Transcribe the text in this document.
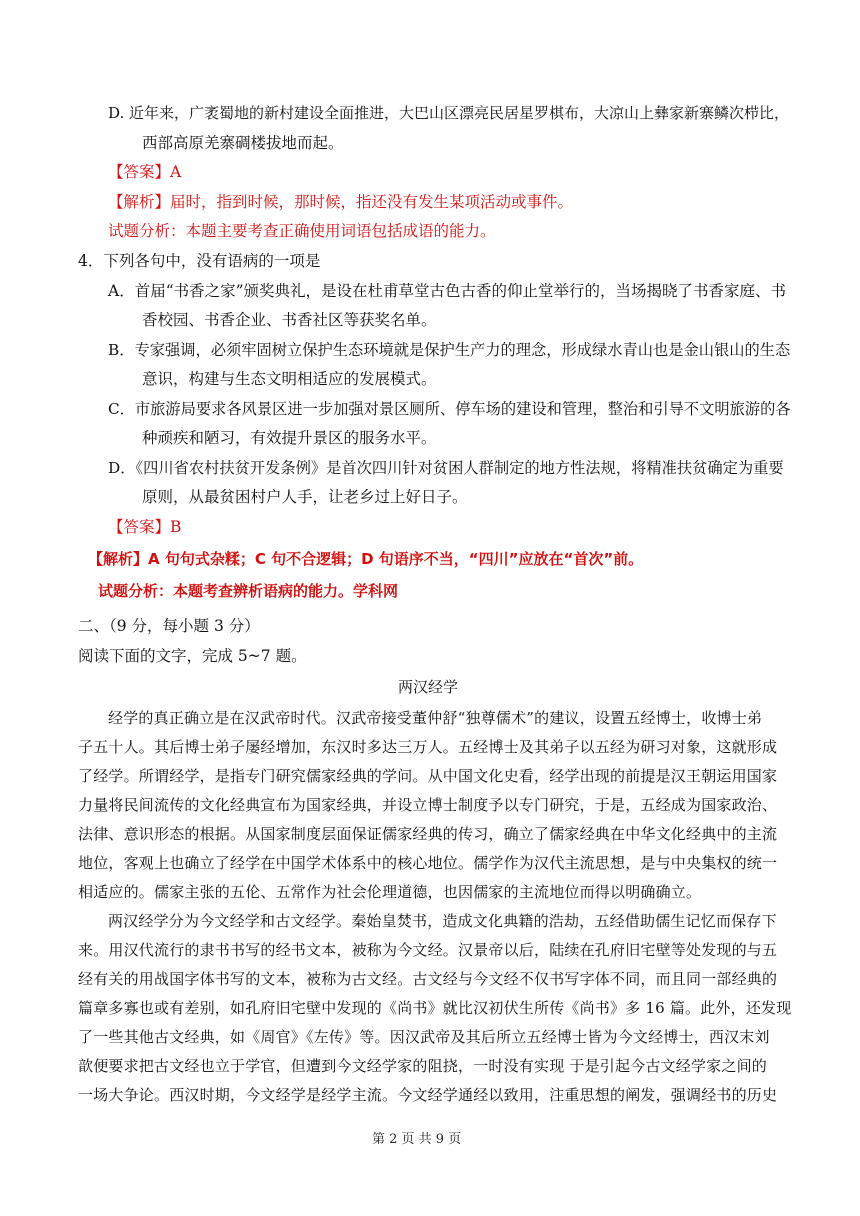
D. 近年来，广袤蜀地的新村建设全面推进，大巴山区漂亮民居星罗棋布，大凉山上彝家新寨鳞次栉比，
西部高原羌寨碉楼拔地而起。
【答案】A
【解析】届时，指到时候，那时候，指还没有发生某项活动或事件。
试题分析：本题主要考查正确使用词语包括成语的能力。
4．下列各句中，没有语病的一项是
A．首届“书香之家”颁奖典礼，是设在杜甫草堂古色古香的仰止堂举行的，当场揭晓了书香家庭、书
香校园、书香企业、书香社区等获奖名单。
B．专家强调，必须牢固树立保护生态环境就是保护生产力的理念，形成绿水青山也是金山银山的生态
意识，构建与生态文明相适应的发展模式。
C．市旅游局要求各风景区进一步加强对景区厕所、停车场的建设和管理，整治和引导不文明旅游的各
种顽疾和陋习，有效提升景区的服务水平。
D．《四川省农村扶贫开发条例》是首次四川针对贫困人群制定的地方性法规，将精准扶贫确定为重要
原则，从最贫困村户人手，让老乡过上好日子。
【答案】B
【解析】A 句句式杂糅；C 句不合逻辑；D 句语序不当，“四川”应放在“首次”前。
试题分析：本题考查辨析语病的能力。学科网
二、（9 分，每小题 3 分）
阅读下面的文字，完成 5~7 题。
两汉经学
经学的真正确立是在汉武帝时代。汉武帝接受董仲舒“独尊儒术”的建议，设置五经博士，收博士弟
子五十人。其后博士弟子屡经增加，东汉时多达三万人。五经博士及其弟子以五经为研习对象，这就形成
了经学。所谓经学，是指专门研究儒家经典的学问。从中国文化史看，经学出现的前提是汉王朝运用国家
力量将民间流传的文化经典宣布为国家经典，并设立博士制度予以专门研究，于是，五经成为国家政治、
法律、意识形态的根据。从国家制度层面保证儒家经典的传习，确立了儒家经典在中华文化经典中的主流
地位，客观上也确立了经学在中国学术体系中的核心地位。儒学作为汉代主流思想，是与中央集权的统一
相适应的。儒家主张的五伦、五常作为社会伦理道德，也因儒家的主流地位而得以明确确立。
两汉经学分为今文经学和古文经学。秦始皇焚书，造成文化典籍的浩劫，五经借助儒生记忆而保存下
来。用汉代流行的隶书书写的经书文本，被称为今文经。汉景帝以后，陆续在孔府旧宅壁等处发现的与五
经有关的用战国字体书写的文本，被称为古文经。古文经与今文经不仅书写字体不同，而且同一部经典的
篇章多寡也或有差别，如孔府旧宅壁中发现的《尚书》就比汉初伏生所传《尚书》多 16 篇。此外，还发现
了一些其他古文经典，如《周官》《左传》等。因汉武帝及其后所立五经博士皆为今文经博士，西汉末刘
歆便要求把古文经也立于学官，但遭到今文经学家的阻挠，一时没有实现 于是引起今古文经学家之间的
一场大争论。西汉时期，今文经学是经学主流。今文经学通经以致用，注重思想的阐发，强调经书的历史
第 2 页 共 9 页
